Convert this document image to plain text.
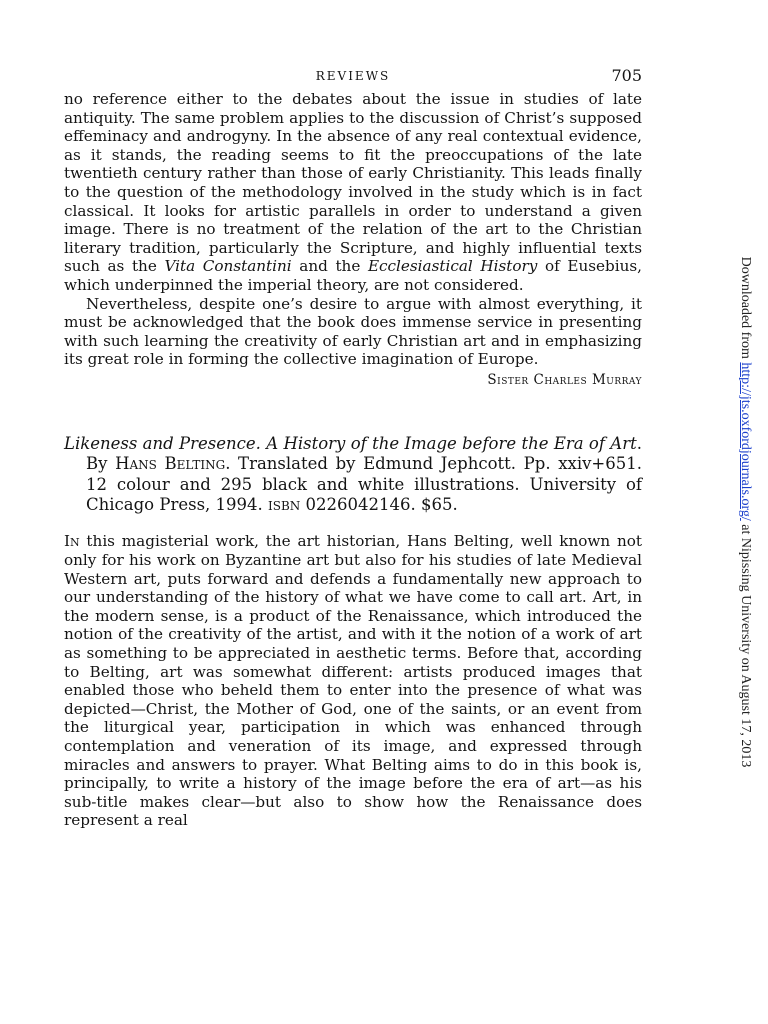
REVIEWS	705

no reference either to the debates about the issue in studies of late antiquity. The same problem applies to the discussion of Christ’s supposed effeminacy and androgyny. In the absence of any real contextual evidence, as it stands, the reading seems to fit the preoccupations of the late twentieth century rather than those of early Christianity. This leads finally to the question of the methodology involved in the study which is in fact classical. It looks for artistic parallels in order to understand a given image. There is no treatment of the relation of the art to the Christian literary tradition, particularly the Scripture, and highly influential texts such as the Vita Constantini and the Ecclesiastical History of Eusebius, which underpinned the imperial theory, are not considered.

Nevertheless, despite one’s desire to argue with almost everything, it must be acknowledged that the book does immense service in presenting with such learning the creativity of early Christian art and in emphasizing its great role in forming the collective imagination of Europe.

Sister Charles Murray

Likeness and Presence. A History of the Image before the Era of Art. By Hans Belting. Translated by Edmund Jephcott. Pp. xxiv+651. 12 colour and 295 black and white illustrations. University of Chicago Press, 1994. isbn 0226042146. $65.

In this magisterial work, the art historian, Hans Belting, well known not only for his work on Byzantine art but also for his studies of late Medieval Western art, puts forward and defends a fundamentally new approach to our understanding of the history of what we have come to call art. Art, in the modern sense, is a product of the Renaissance, which introduced the notion of the creativity of the artist, and with it the notion of a work of art as something to be appreciated in aesthetic terms. Before that, according to Belting, art was somewhat different: artists produced images that enabled those who beheld them to enter into the presence of what was depicted—Christ, the Mother of God, one of the saints, or an event from the liturgical year, participation in which was enhanced through contemplation and veneration of its image, and expressed through miracles and answers to prayer. What Belting aims to do in this book is, principally, to write a history of the image before the era of art—as his sub-title makes clear—but also to show how the Renaissance does represent a real

Downloaded from http://jts.oxfordjournals.org/ at Nipissing University on August 17, 2013
